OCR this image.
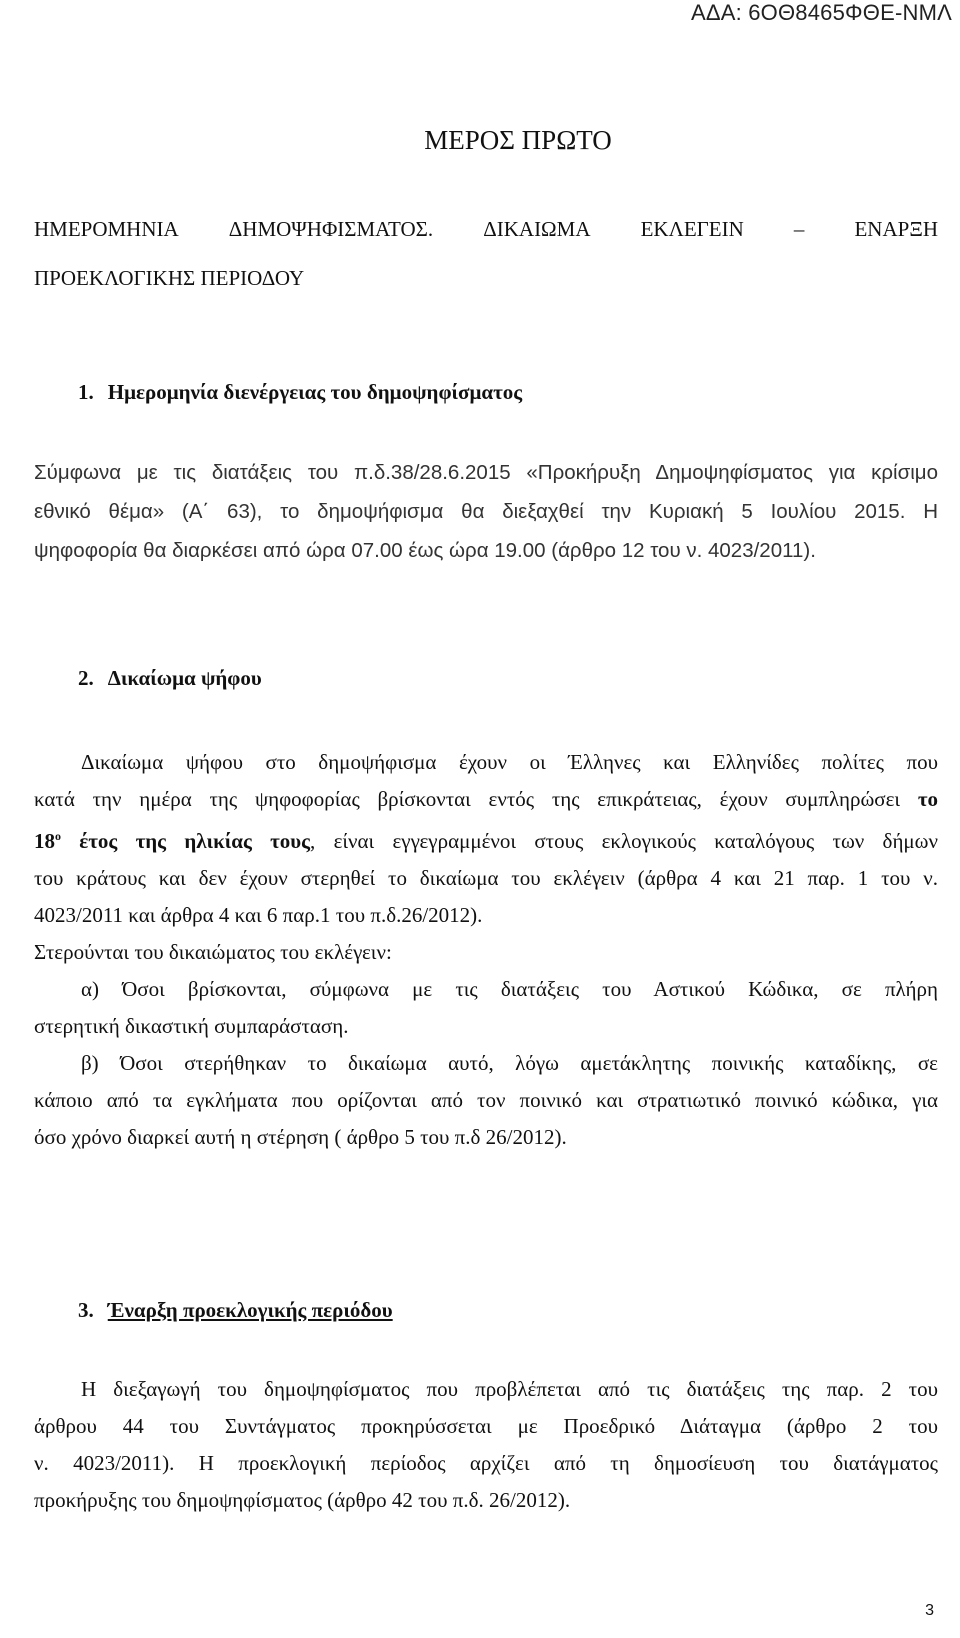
ΑΔΑ: 6ΟΘ8465ΦΘΕ-ΝΜΛ
ΜΕΡΟΣ ΠΡΩΤΟ
ΗΜΕΡΟΜΗΝΙΑ ΔΗΜΟΨΗΦΙΣΜΑΤΟΣ. ΔΙΚΑΙΩΜΑ ΕΚΛΕΓΕΙΝ – ΕΝΑΡΞΗ
ΠΡΟΕΚΛΟΓΙΚΗΣ ΠΕΡΙΟΔΟΥ
1. Ημερομηνία διενέργειας του δημοψηφίσματος
Σύμφωνα με τις διατάξεις του π.δ.38/28.6.2015 «Προκήρυξη Δημοψηφίσματος για κρίσιμο
εθνικό θέμα» (Α΄ 63), το δημοψήφισμα θα διεξαχθεί την Κυριακή 5 Ιουλίου 2015. Η
ψηφοφορία θα διαρκέσει από ώρα 07.00 έως ώρα 19.00 (άρθρο 12 του ν. 4023/2011).
2. Δικαίωμα ψήφου
Δικαίωμα ψήφου στο δημοψήφισμα έχουν οι Έλληνες και Ελληνίδες πολίτες που
κατά την ημέρα της ψηφοφορίας βρίσκονται εντός της επικράτειας, έχουν συμπληρώσει το
$18^o$ έτος της ηλικίας τους, είναι εγγεγραμμένοι στους εκλογικούς καταλόγους των δήμων
του κράτους και δεν έχουν στερηθεί το δικαίωμα του εκλέγειν (άρθρα 4 και 21 παρ. 1 του ν.
4023/2011 και άρθρα 4 και 6 παρ.1 του π.δ.26/2012).
Στερούνται του δικαιώματος του εκλέγειν:
α) Όσοι βρίσκονται, σύμφωνα με τις διατάξεις του Αστικού Κώδικα, σε πλήρη
στερητική δικαστική συμπαράσταση.
β) Όσοι στερήθηκαν το δικαίωμα αυτό, λόγω αμετάκλητης ποινικής καταδίκης, σε
κάποιο από τα εγκλήματα που ορίζονται από τον ποινικό και στρατιωτικό ποινικό κώδικα, για
όσο χρόνο διαρκεί αυτή η στέρηση ( άρθρο 5 του π.δ 26/2012).
3. Έναρξη προεκλογικής περιόδου
Η διεξαγωγή του δημοψηφίσματος που προβλέπεται από τις διατάξεις της παρ. 2 του
άρθρου 44 του Συντάγματος προκηρύσσεται με Προεδρικό Διάταγμα (άρθρο 2 του
ν. 4023/2011). Η προεκλογική περίοδος αρχίζει από τη δημοσίευση του διατάγματος
προκήρυξης του δημοψηφίσματος (άρθρο 42 του π.δ. 26/2012).
3
